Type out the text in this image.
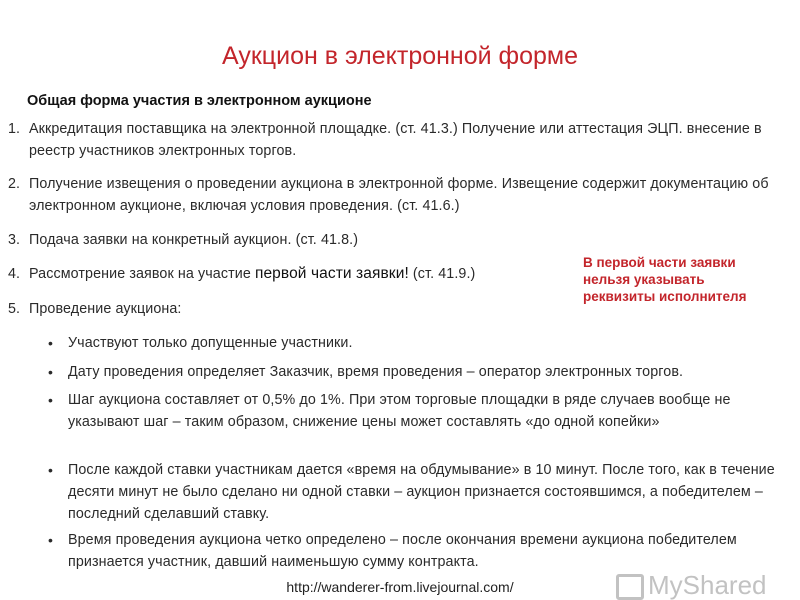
Аукцион в электронной форме
Общая форма участия в электронном аукционе
1. Аккредитация поставщика на электронной площадке. (ст. 41.3.) Получение или аттестация ЭЦП. внесение в реестр участников электронных торгов.
2. Получение извещения о проведении аукциона в электронной форме. Извещение содержит документацию об электронном аукционе, включая условия проведения. (ст. 41.6.)
3. Подача заявки на конкретный аукцион. (ст. 41.8.)
4. Рассмотрение заявок на участие первой части заявки! (ст. 41.9.)
5. Проведение аукциона:
• Участвуют только допущенные участники.
• Дату проведения определяет Заказчик, время проведения – оператор электронных торгов.
• Шаг аукциона составляет от 0,5% до 1%. При этом торговые площадки в ряде случаев вообще не указывают шаг – таким образом, снижение цены может составлять «до одной копейки»
• После каждой ставки участникам дается «время на обдумывание» в 10 минут. После того, как в течение десяти минут не было сделано ни одной ставки – аукцион признается состоявшимся, а победителем – последний сделавший ставку.
• Время проведения аукциона четко определено – после окончания времени аукциона победителем признается участник, давший наименьшую сумму контракта.
В первой части заявки нельзя указывать реквизиты исполнителя
http://wanderer-from.livejournal.com/	MyShared
